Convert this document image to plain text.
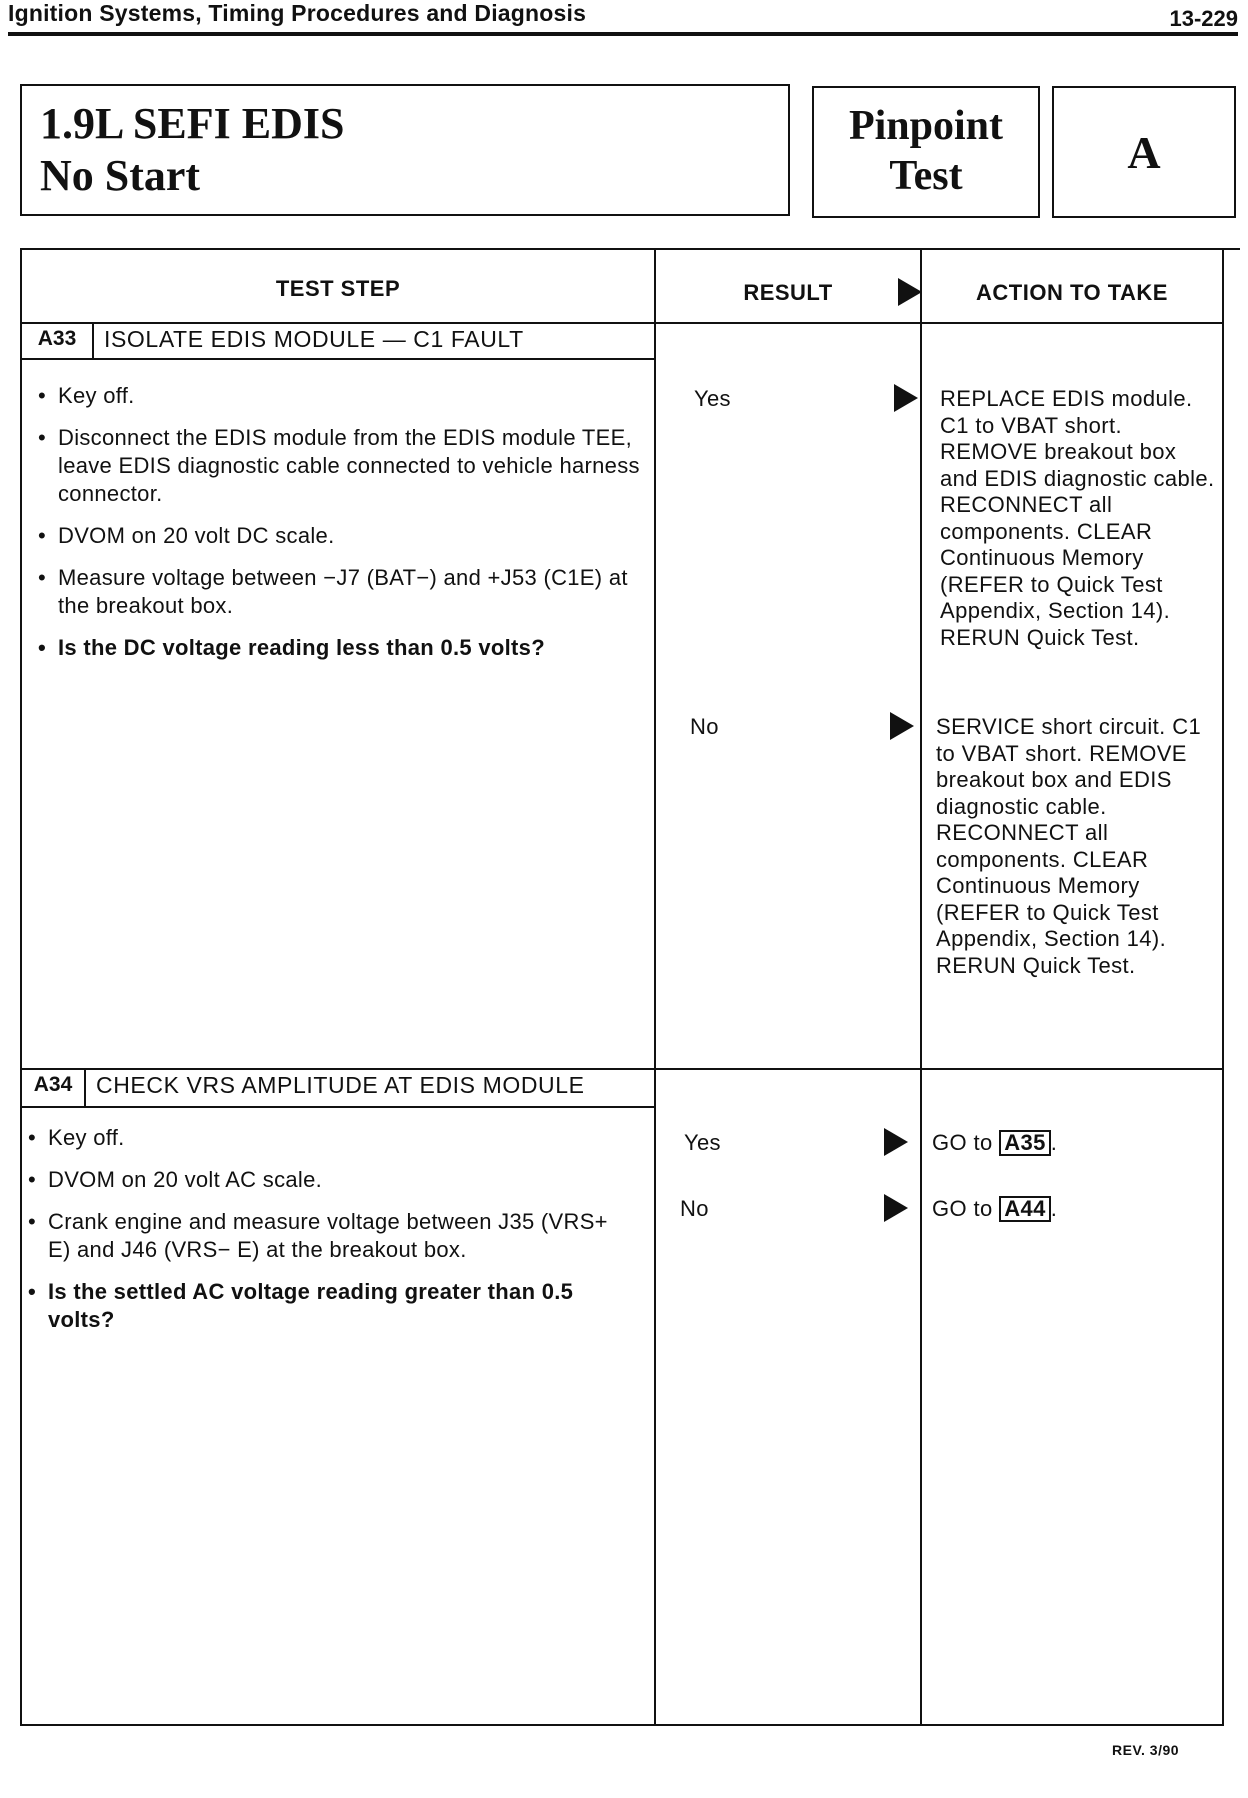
Ignition Systems, Timing Procedures and Diagnosis	13-229
1.9L SEFI EDIS
No Start
Pinpoint
Test	A
TEST STEP	RESULT	ACTION TO TAKE
A33	ISOLATE EDIS MODULE — C1 FAULT
• Key off.
• Disconnect the EDIS module from the EDIS module TEE, leave EDIS diagnostic cable connected to vehicle harness connector.
• DVOM on 20 volt DC scale.
• Measure voltage between −J7 (BAT−) and +J53 (C1E) at the breakout box.
• Is the DC voltage reading less than 0.5 volts?
Yes	REPLACE EDIS module. C1 to VBAT short. REMOVE breakout box and EDIS diagnostic cable. RECONNECT all components. CLEAR Continuous Memory (REFER to Quick Test Appendix, Section 14). RERUN Quick Test.
No	SERVICE short circuit. C1 to VBAT short. REMOVE breakout box and EDIS diagnostic cable. RECONNECT all components. CLEAR Continuous Memory (REFER to Quick Test Appendix, Section 14). RERUN Quick Test.
A34	CHECK VRS AMPLITUDE AT EDIS MODULE
• Key off.
• DVOM on 20 volt AC scale.
• Crank engine and measure voltage between J35 (VRS+ E) and J46 (VRS− E) at the breakout box.
• Is the settled AC voltage reading greater than 0.5 volts?
Yes	GO to A35 .
No	GO to A44 .
REV. 3/90
